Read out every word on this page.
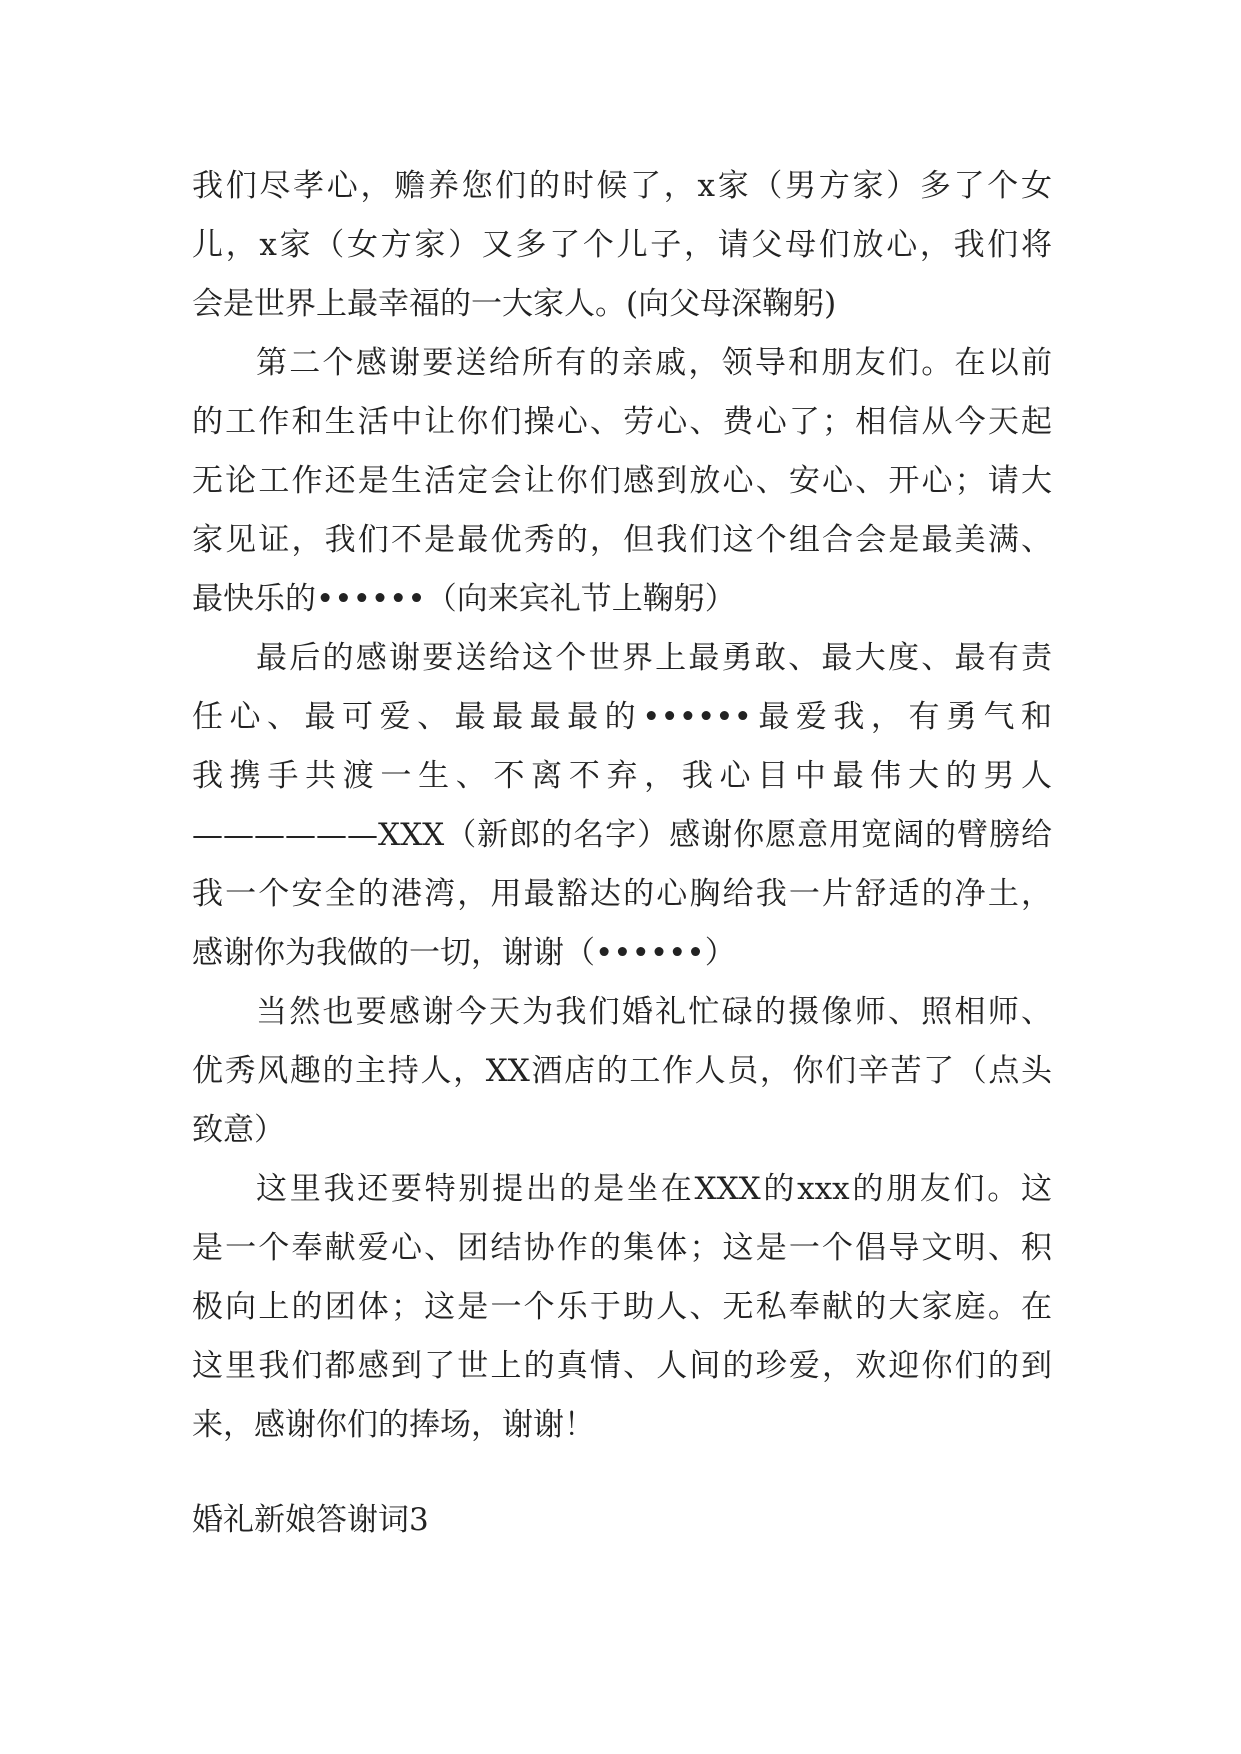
我们尽孝心，赡养您们的时候了，x家（男方家）多了个女
儿，x家（女方家）又多了个儿子，请父母们放心，我们将
会是世界上最幸福的一大家人。(向父母深鞠躬)
第二个感谢要送给所有的亲戚，领导和朋友们。在以前
的工作和生活中让你们操心、劳心、费心了；相信从今天起
无论工作还是生活定会让你们感到放心、安心、开心；请大
家见证，我们不是最优秀的，但我们这个组合会是最美满、
最快乐的••••••（向来宾礼节上鞠躬）
最后的感谢要送给这个世界上最勇敢、最大度、最有责
任心、最可爱、最最最最的••••••最爱我，有勇气和
我携手共渡一生、不离不弃，我心目中最伟大的男人
——————XXX（新郎的名字）感谢你愿意用宽阔的臂膀给
我一个安全的港湾，用最豁达的心胸给我一片舒适的净土，
感谢你为我做的一切，谢谢（••••••）
当然也要感谢今天为我们婚礼忙碌的摄像师、照相师、
优秀风趣的主持人，XX酒店的工作人员，你们辛苦了（点头
致意）
这里我还要特别提出的是坐在XXX的xxx的朋友们。这
是一个奉献爱心、团结协作的集体；这是一个倡导文明、积
极向上的团体；这是一个乐于助人、无私奉献的大家庭。在
这里我们都感到了世上的真情、人间的珍爱，欢迎你们的到
来，感谢你们的捧场，谢谢！
婚礼新娘答谢词3
